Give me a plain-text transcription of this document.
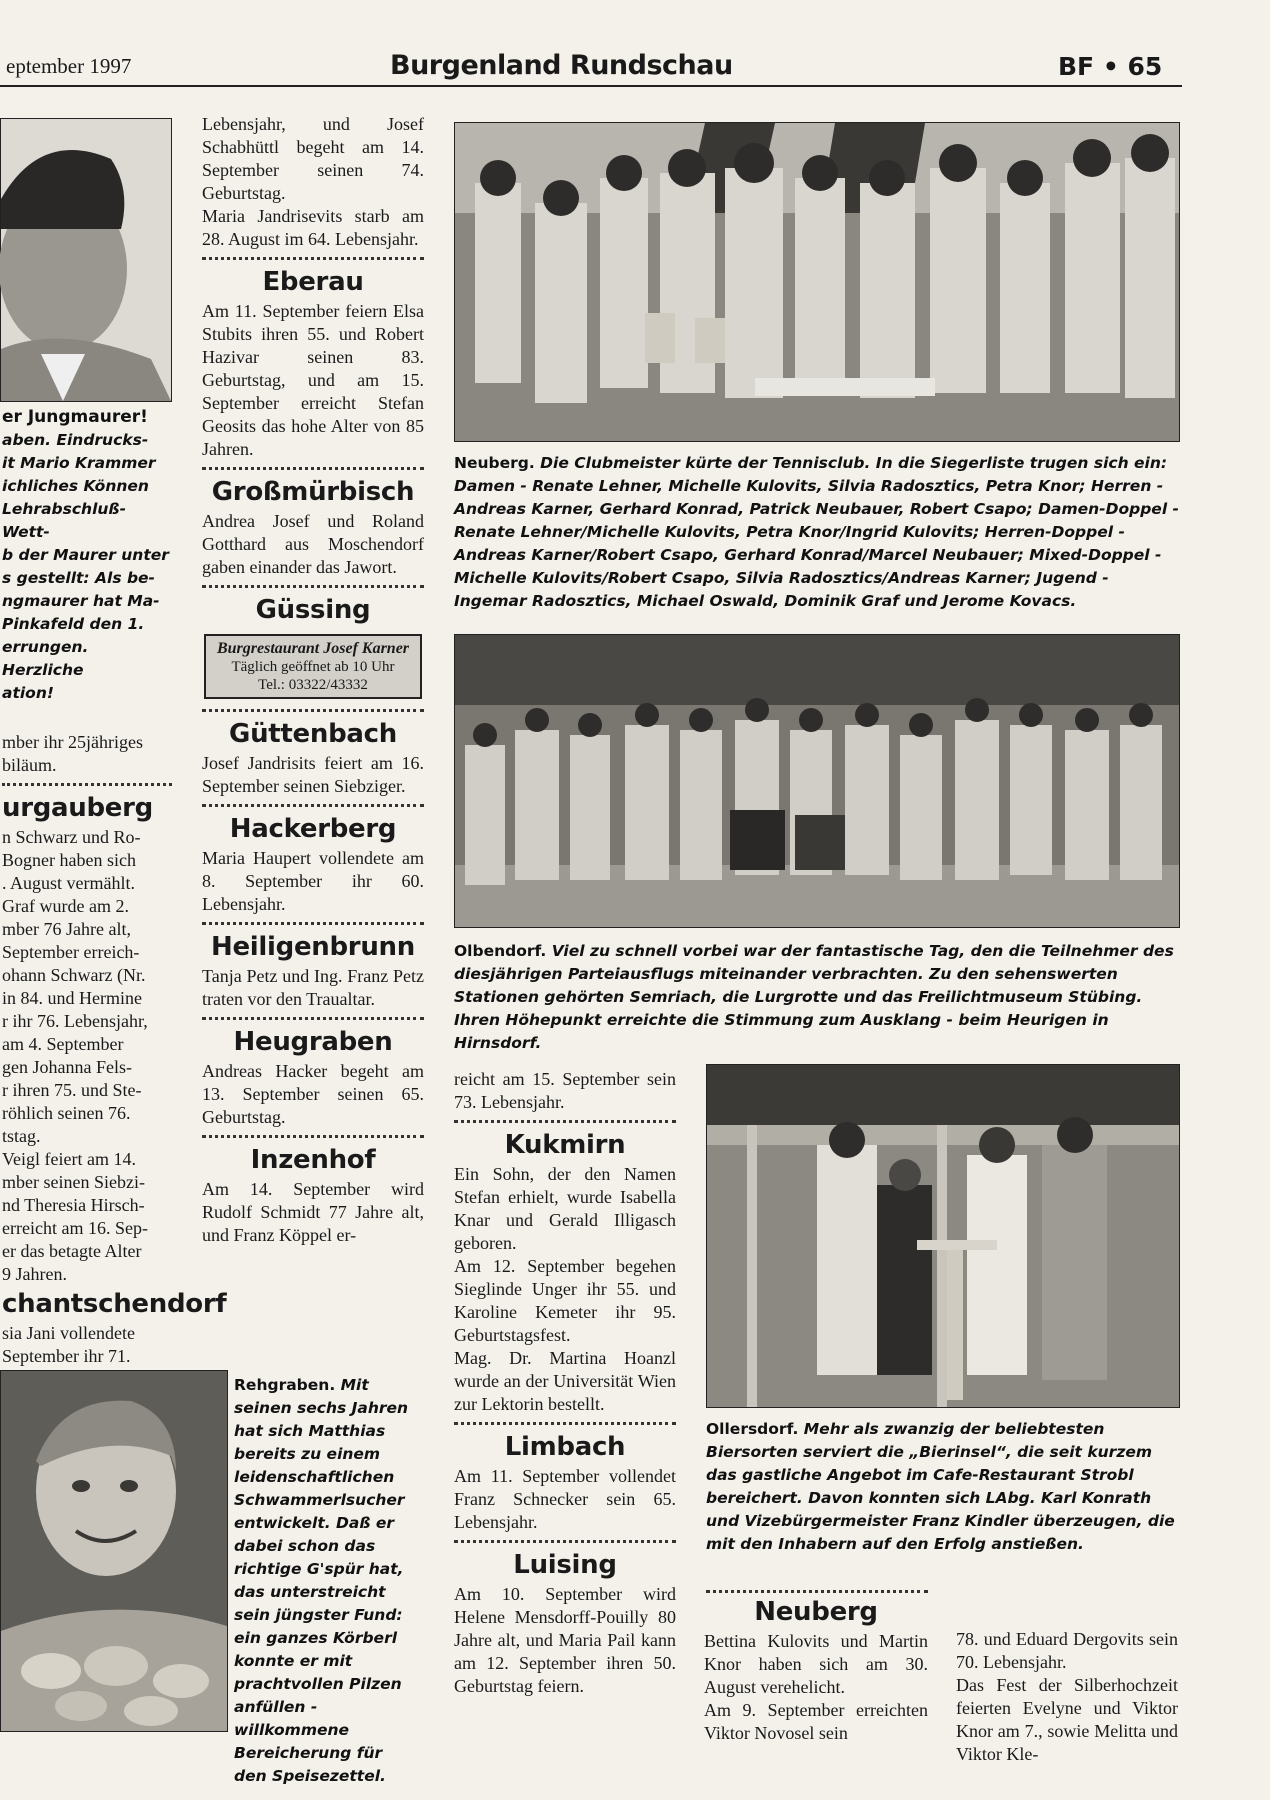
eptember 1997	Burgenland Rundschau	BF • 65

er Jungmaurer!

aben. Eindrucks-
it Mario Krammer
ichliches Können
Lehrabschluß-Wett-
b der Maurer unter
s gestellt: Als be-
ngmaurer hat Ma-
Pinkafeld den 1.
errungen. Herzliche
ation!

mber ihr 25jähriges
biläum.

urgauberg

n Schwarz und Ro-
Bogner haben sich
. August vermählt.
Graf wurde am 2.
mber 76 Jahre alt,
September erreich-
ohann Schwarz (Nr.
in 84. und Hermine
r ihr 76. Lebensjahr,
am 4. September
gen Johanna Fels-
r ihren 75. und Ste-
röhlich seinen 76.
tstag.
Veigl feiert am 14.
mber seinen Siebzi-
nd Theresia Hirsch-
erreicht am 16. Sep-
er das betagte Alter
9 Jahren.

chantschendorf

sia Jani vollendete
September ihr 71.

Lebensjahr, und Josef Schabhüttl begeht am 14. September seinen 74. Geburtstag.

Maria Jandrisevits starb am 28. August im 64. Lebensjahr.

Eberau

Am 11. September feiern Elsa Stubits ihren 55. und Robert Hazivar seinen 83. Geburtstag, und am 15. September erreicht Stefan Geosits das hohe Alter von 85 Jahren.

Großmürbisch

Andrea Josef und Roland Gotthard aus Moschendorf gaben einander das Jawort.

Güssing
Burgrestaurant Josef Karner
Täglich geöffnet ab 10 Uhr
Tel.: 03322/43332
Güttenbach

Josef Jandrisits feiert am 16. September seinen Siebziger.

Hackerberg

Maria Haupert vollendete am 8. September ihr 60. Lebensjahr.

Heiligenbrunn

Tanja Petz und Ing. Franz Petz traten vor den Traualtar.

Heugraben

Andreas Hacker begeht am 13. September seinen 65. Geburtstag.

Inzenhof

Am 14. September wird Rudolf Schmidt 77 Jahre alt, und Franz Köppel er-

Rehgraben. Mit seinen sechs Jahren hat sich Matthias bereits zu einem leidenschaftlichen Schwammerlsucher entwickelt. Daß er dabei schon das richtige G'spür hat, das unterstreicht sein jüngster Fund: ein ganzes Körberl konnte er mit prachtvollen Pilzen anfüllen - willkommene Bereicherung für den Speisezettel.

Neuberg. Die Clubmeister kürte der Tennisclub. In die Siegerliste trugen sich ein: Damen - Renate Lehner, Michelle Kulovits, Silvia Radosztics, Petra Knor; Herren - Andreas Karner, Gerhard Konrad, Patrick Neubauer, Robert Csapo; Damen-Doppel - Renate Lehner/Michelle Kulovits, Petra Knor/Ingrid Kulovits; Herren-Doppel - Andreas Karner/Robert Csapo, Gerhard Konrad/Marcel Neubauer; Mixed-Doppel - Michelle Kulovits/Robert Csapo, Silvia Radosztics/Andreas Karner; Jugend - Ingemar Radosztics, Michael Oswald, Dominik Graf und Jerome Kovacs.

Olbendorf. Viel zu schnell vorbei war der fantastische Tag, den die Teilnehmer des diesjährigen Parteiausflugs miteinander verbrachten. Zu den sehenswerten Stationen gehörten Semriach, die Lurgrotte und das Freilichtmuseum Stübing. Ihren Höhepunkt erreichte die Stimmung zum Ausklang - beim Heurigen in Hirnsdorf.

reicht am 15. September sein 73. Lebensjahr.

Kukmirn

Ein Sohn, der den Namen Stefan erhielt, wurde Isabella Knar und Gerald Illigasch geboren.

Am 12. September begehen Sieglinde Unger ihr 55. und Karoline Kemeter ihr 95. Geburtstagsfest.

Mag. Dr. Martina Hoanzl wurde an der Universität Wien zur Lektorin bestellt.

Limbach

Am 11. September vollendet Franz Schnecker sein 65. Lebensjahr.

Luising

Am 10. September wird Helene Mensdorff-Pouilly 80 Jahre alt, und Maria Pail kann am 12. September ihren 50. Geburtstag feiern.

Ollersdorf. Mehr als zwanzig der beliebtesten Biersorten serviert die „Bierinsel“, die seit kurzem das gastliche Angebot im Cafe-Restaurant Strobl bereichert. Davon konnten sich LAbg. Karl Konrath und Vizebürgermeister Franz Kindler überzeugen, die mit den Inhabern auf den Erfolg anstießen.

Neuberg

Bettina Kulovits und Martin Knor haben sich am 30. August verehelicht.

Am 9. September erreichten Viktor Novosel sein

78. und Eduard Dergovits sein 70. Lebensjahr.

Das Fest der Silberhochzeit feierten Evelyne und Viktor Knor am 7., sowie Melitta und Viktor Kle-
